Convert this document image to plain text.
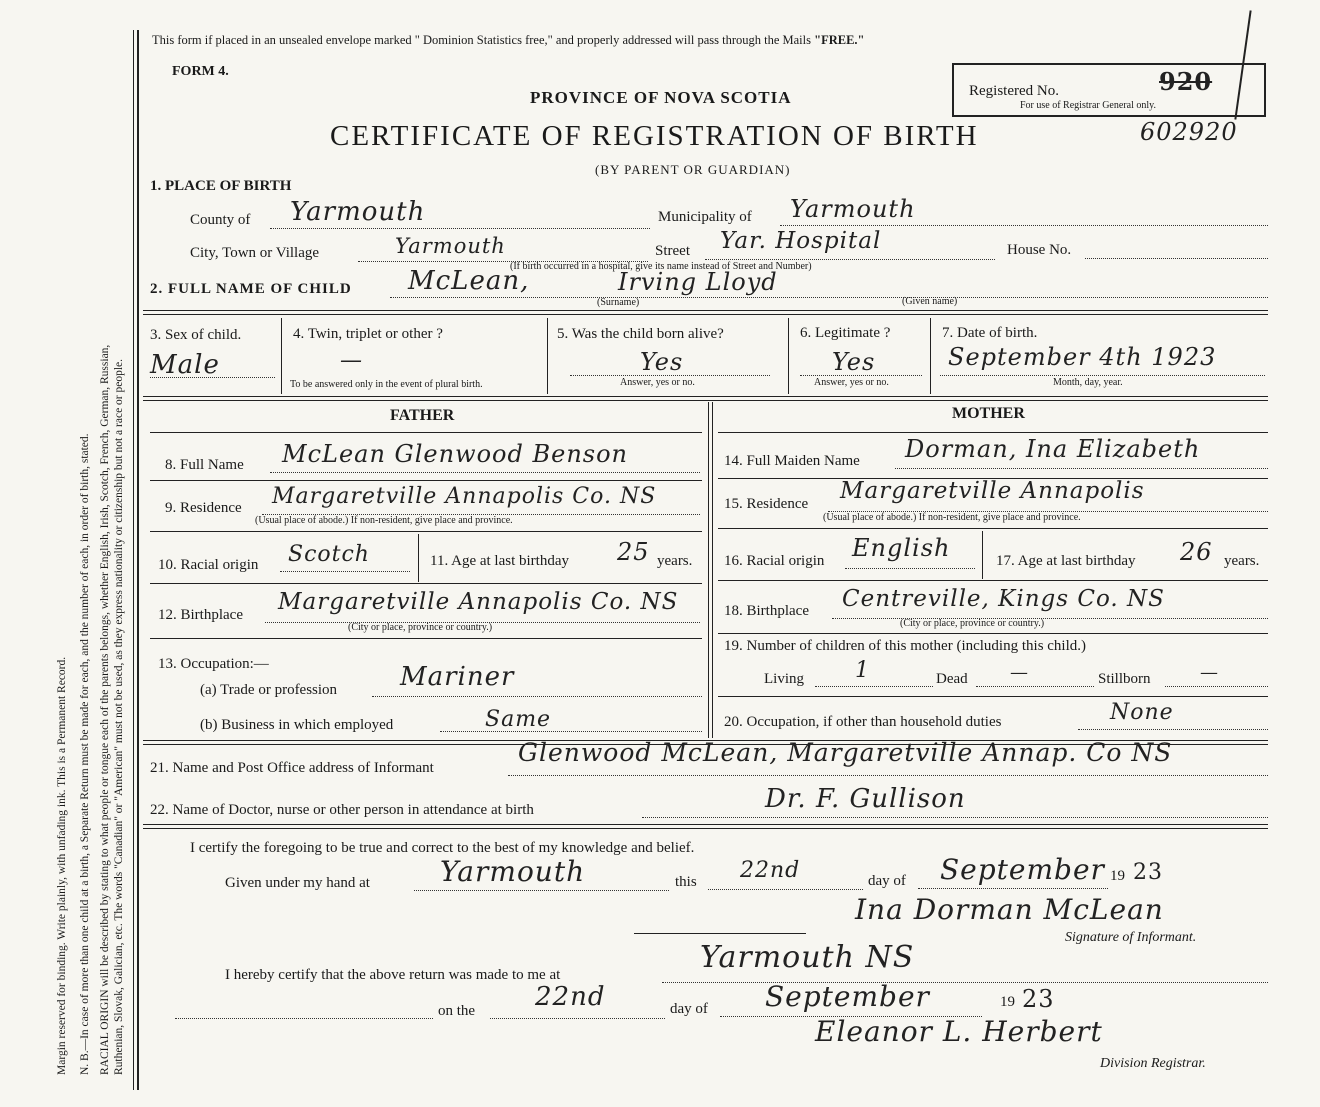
Margin reserved for binding. Write plainly, with unfading ink. This is a Permanent Record. N. B.—In case of more than one child at a birth, a Separate Return must be made for each, and the number of each, in order of birth, stated. RACIAL ORIGIN will be described by stating to what people or tongue each of the parents belongs, whether English, Irish, Scotch, French, German, Russian, Ruthenian, Slovak, Galician, etc. The words "Canadian" or "American" must not be used, as they express nationality or citizenship but not a race or people.
This form if placed in an unsealed envelope marked " Dominion Statistics free," and properly addressed will pass through the Mails "FREE."
FORM 4.
PROVINCE OF NOVA SCOTIA
CERTIFICATE OF REGISTRATION OF BIRTH
(BY PARENT OR GUARDIAN)
Registered No.	920
For use of Registrar General only.
602920
1. PLACE OF BIRTH
County of Yarmouth	Municipality of Yarmouth
City, Town or Village	Yarmouth	Street Yar. Hospital	House No.
(If birth occurred in a hospital, give its name instead of Street and Number)
2. FULL NAME OF CHILD McLean,	Irving Lloyd
(Surname)	(Given name)
3. Sex of child.
Male
4. Twin, triplet or other ?
—
To be answered only in the event of plural birth.
5. Was the child born alive?
Yes
Answer, yes or no.
6. Legitimate ?
Yes
Answer, yes or no.
7. Date of birth.
September 4th 1923
Month, day, year.
FATHER	MOTHER
8. Full Name McLean Glenwood Benson
9. Residence Margaretville Annapolis Co. NS
(Usual place of abode.) If non-resident, give place and province.
10. Racial origin Scotch	11. Age at last birthday 25 years.
12. Birthplace Margaretville Annapolis Co. NS
(City or place, province or country.)
13. Occupation:—
(a) Trade or profession Mariner
(b) Business in which employed	Same
14. Full Maiden Name Dorman, Ina Elizabeth
15. Residence Margaretville Annapolis
(Usual place of abode.) If non-resident, give place and province.
16. Racial origin English	17. Age at last birthday 26 years.
18. Birthplace Centreville, Kings Co. NS
(City or place, province or country.)
19. Number of children of this mother (including this child.)
Living 1	Dead —	Stillborn	—
20. Occupation, if other than household duties	None
21. Name and Post Office address of Informant
Glenwood McLean, Margaretville Annap. Co NS
22. Name of Doctor, nurse or other person in attendance at birth	Dr. F. Gullison
I certify the foregoing to be true and correct to the best of my knowledge and belief.
Given under my hand at	Yarmouth	this 22nd	day of September 19 23
Ina Dorman McLean
Signature of Informant.
I hereby certify that the above return was made to me at	Yarmouth NS
on the 22nd	day of September	19 23
Eleanor L. Herbert
Division Registrar.
